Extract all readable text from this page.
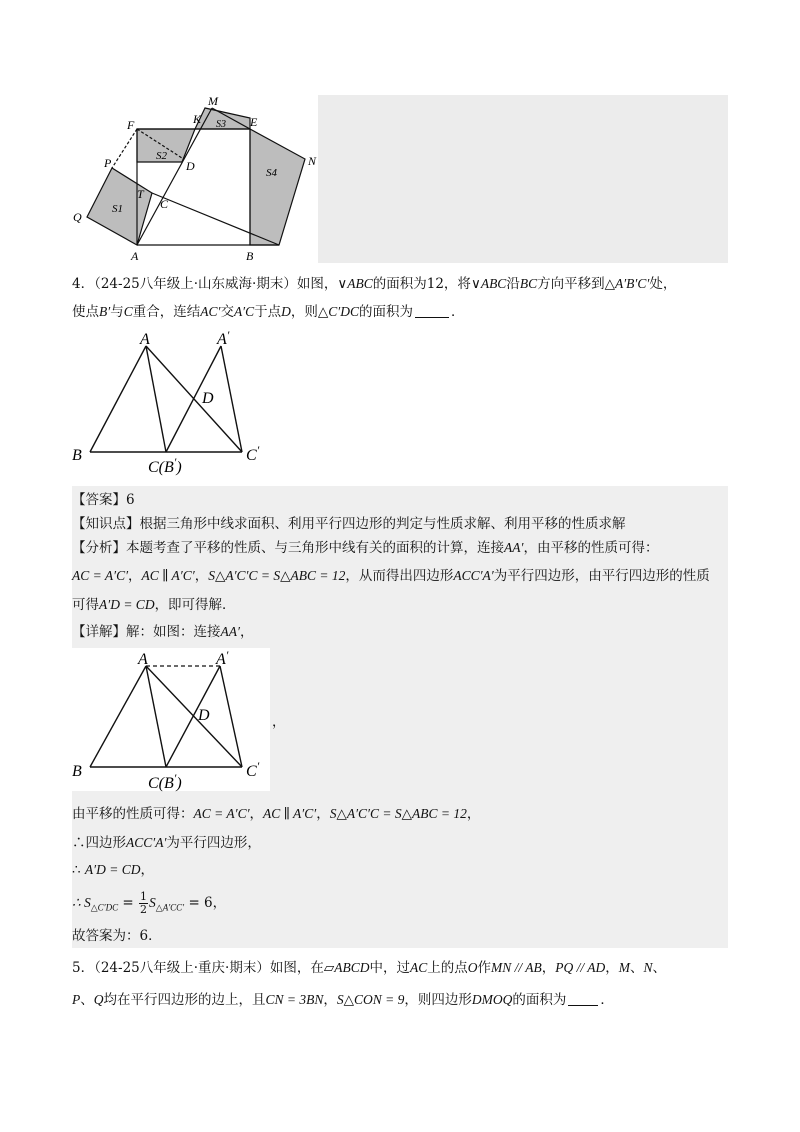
M
K S3 E
F
S2
D	N
S4
P
T
S1	C
Q
A	B
4．（24-25八年级上·山东威海·期末）如图，∨ABC的面积为12，将∨ABC沿BC方向平移到△A′B′C′处，
使点B′与C重合，连结AC′交A′C于点D，则△C′DC的面积为	．
A	A′
D
B	C′
C(B′)
【答案】6
【知识点】根据三角形中线求面积、利用平行四边形的判定与性质求解、利用平移的性质求解
【分析】本题考查了平移的性质、与三角形中线有关的面积的计算，连接AA′，由平移的性质可得：
AC = A′C′，AC ∥ A′C′，S△A′C′C = S△ABC = 12，从而得出四边形ACC′A′为平行四边形，由平行四边形的性质
可得A′D = CD，即可得解．
【详解】解：如图：连接AA′，
A	A′
D
B	C′
C(B′)
，
由平移的性质可得：AC = A′C′，AC ∥ A′C′，S△A′C′C = S△ABC = 12，
∴四边形ACC′A′为平行四边形，
∴ A′D = CD，
∴ $S_{\triangle C'DC} = \frac{1}{2} S_{\triangle A'CC'} = 6$，
故答案为：6．
5．（24-25八年级上·重庆·期末）如图，在▱ABCD中，过AC上的点O作MN // AB，PQ // AD，M、N、
P、Q均在平行四边形的边上，且CN = 3BN，S△CON = 9，则四边形DMOQ的面积为	．
